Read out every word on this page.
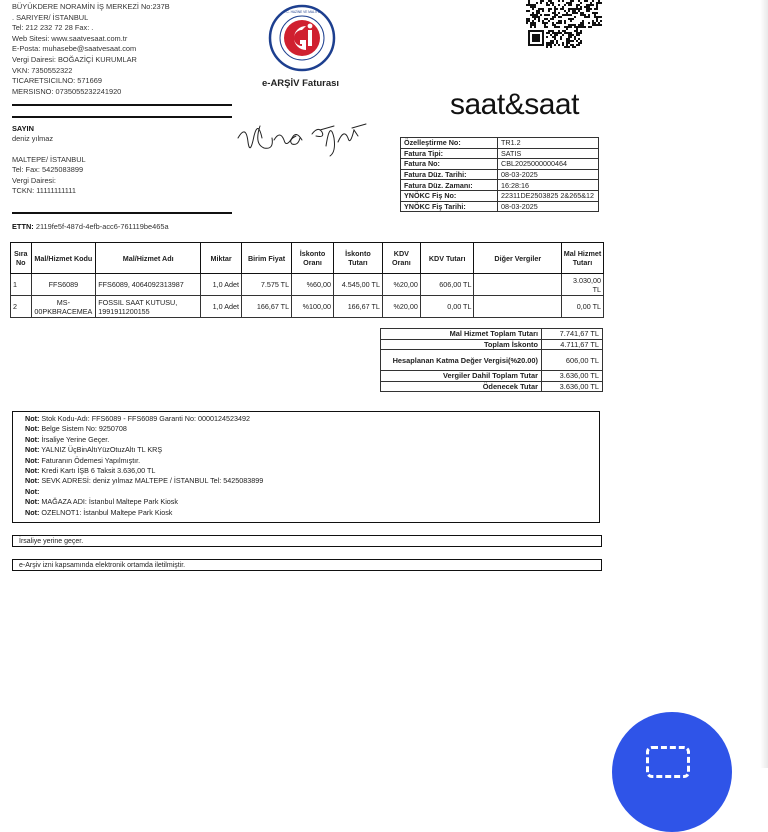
BÜYÜKDERE NORAMİN İŞ MERKEZİ No:237B
. SARIYER/ İSTANBUL
Tel: 212 232 72 28 Fax: .
Web Sitesi: www.saatvesaat.com.tr
E-Posta: muhasebe@saatvesaat.com
Vergi Dairesi: BOĞAZİÇİ KURUMLAR
VKN: 7350552322
TICARETSICILNO: 571669
MERSISNO: 0735055232241920
T.C. HAZİNE VE MALİYE
e-ARŞİV Faturası
saat&saat
SAYIN
deniz yılmaz
MALTEPE/ İSTANBUL
Tel: Fax: 5425083899
Vergi Dairesi:
TCKN: 11111111111
Özelleştirme No:	TR1.2
Fatura Tipi:	SATIS
Fatura No:	CBL2025000000464
Fatura Düz. Tarihi:	08-03-2025
Fatura Düz. Zamanı:	16:28:16
YNÖKC Fiş No:	22311DE2503825 2&265&12
YNÖKC Fiş Tarihi:	08-03-2025
ETTN: 2119fe5f-487d-4efb-acc6-761119be465a
Sıra No	Mal/Hizmet Kodu	Mal/Hizmet Adı	Miktar	Birim Fiyat	İskonto Oranı	İskonto Tutarı	KDV Oranı	KDV Tutarı	Diğer Vergiler	Mal Hizmet Tutarı
1	FFS6089	FFS6089, 4064092313987	1,0 Adet	7.575 TL	%60,00	4.545,00 TL	%20,00	606,00 TL		3.030,00 TL
2	MS-00PKBRACEMEA	FOSSIL SAAT KUTUSU, 1991911200155	1,0 Adet	166,67 TL	%100,00	166,67 TL	%20,00	0,00 TL		0,00 TL
Mal Hizmet Toplam Tutarı	7.741,67 TL
Toplam İskonto	4.711,67 TL
Hesaplanan Katma Değer Vergisi(%20.00)	606,00 TL
Vergiler Dahil Toplam Tutar	3.636,00 TL
Ödenecek Tutar	3.636,00 TL
Not: Stok Kodu-Adı: FFS6089 - FFS6089 Garanti No: 0000124523492
Not: Belge Sistem No: 9250708
Not: İrsaliye Yerine Geçer.
Not: YALNIZ ÜçBinAltıYüzOtuzAltı TL KRŞ
Not: Faturanın Ödemesi Yapılmıştır.
Not: Kredi Kartı İŞB 6 Taksit 3.636,00 TL
Not: SEVK ADRESİ: deniz yılmaz MALTEPE / İSTANBUL Tel: 5425083899
Not:
Not: MAĞAZA ADI: İstanbul Maltepe Park Kiosk
Not: OZELNOT1: İstanbul Maltepe Park Kiosk
İrsaliye yerine geçer.
e-Arşiv izni kapsamında elektronik ortamda iletilmiştir.
